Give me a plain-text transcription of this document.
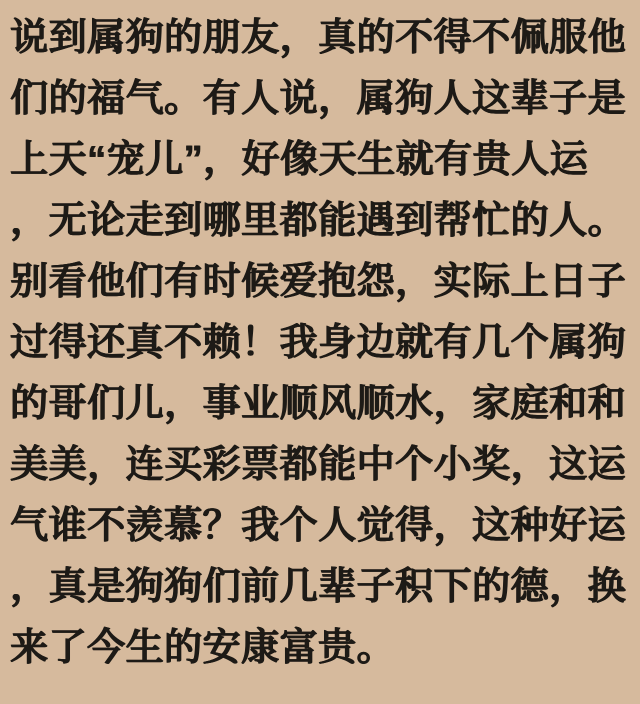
说到属狗的朋友，真的不得不佩服他

们的福气。有人说，属狗人这辈子是

上天“宠儿”，好像天生就有贵人运

，无论走到哪里都能遇到帮忙的人。

别看他们有时候爱抱怨，实际上日子

过得还真不赖！我身边就有几个属狗

的哥们儿，事业顺风顺水，家庭和和

美美，连买彩票都能中个小奖，这运

气谁不羡慕？我个人觉得，这种好运

，真是狗狗们前几辈子积下的德，换

来了今生的安康富贵。
